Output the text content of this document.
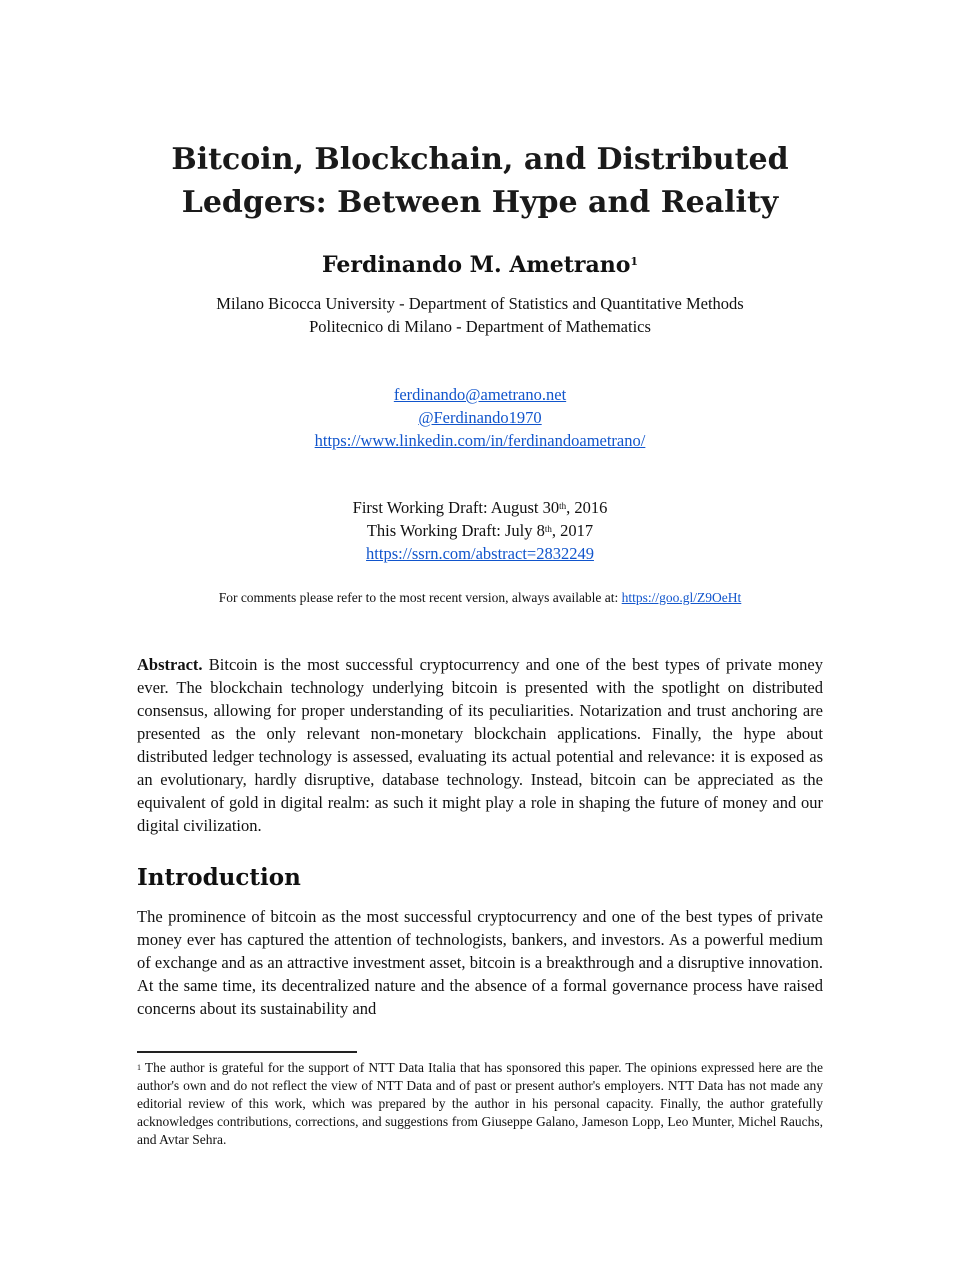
Bitcoin, Blockchain, and Distributed
Ledgers: Between Hype and Reality
Ferdinando M. Ametrano$^1$
Milano Bicocca University - Department of Statistics and Quantitative Methods
Politecnico di Milano - Department of Mathematics
ferdinando@ametrano.net
@Ferdinando1970
https://www.linkedin.com/in/ferdinandoametrano/
First Working Draft: August 30th, 2016
This Working Draft: July 8th, 2017
https://ssrn.com/abstract=2832249
For comments please refer to the most recent version, always available at: https://goo.gl/Z9OeHt
Abstract. Bitcoin is the most successful cryptocurrency and one of the best types of private money ever. The blockchain technology underlying bitcoin is presented with the spotlight on distributed consensus, allowing for proper understanding of its peculiarities. Notarization and trust anchoring are presented as the only relevant non-monetary blockchain applications. Finally, the hype about distributed ledger technology is assessed, evaluating its actual potential and relevance: it is exposed as an evolutionary, hardly disruptive, database technology. Instead, bitcoin can be appreciated as the equivalent of gold in digital realm: as such it might play a role in shaping the future of money and our digital civilization.
Introduction
The prominence of bitcoin as the most successful cryptocurrency and one of the best types of private money ever has captured the attention of technologists, bankers, and investors. As a powerful medium of exchange and as an attractive investment asset, bitcoin is a breakthrough and a disruptive innovation. At the same time, its decentralized nature and the absence of a formal governance process have raised concerns about its sustainability and
$^1$ The author is grateful for the support of NTT Data Italia that has sponsored this paper. The opinions expressed here are the author's own and do not reflect the view of NTT Data and of past or present author's employers. NTT Data has not made any editorial review of this work, which was prepared by the author in his personal capacity. Finally, the author gratefully acknowledges contributions, corrections, and suggestions from Giuseppe Galano, Jameson Lopp, Leo Munter, Michel Rauchs, and Avtar Sehra.
